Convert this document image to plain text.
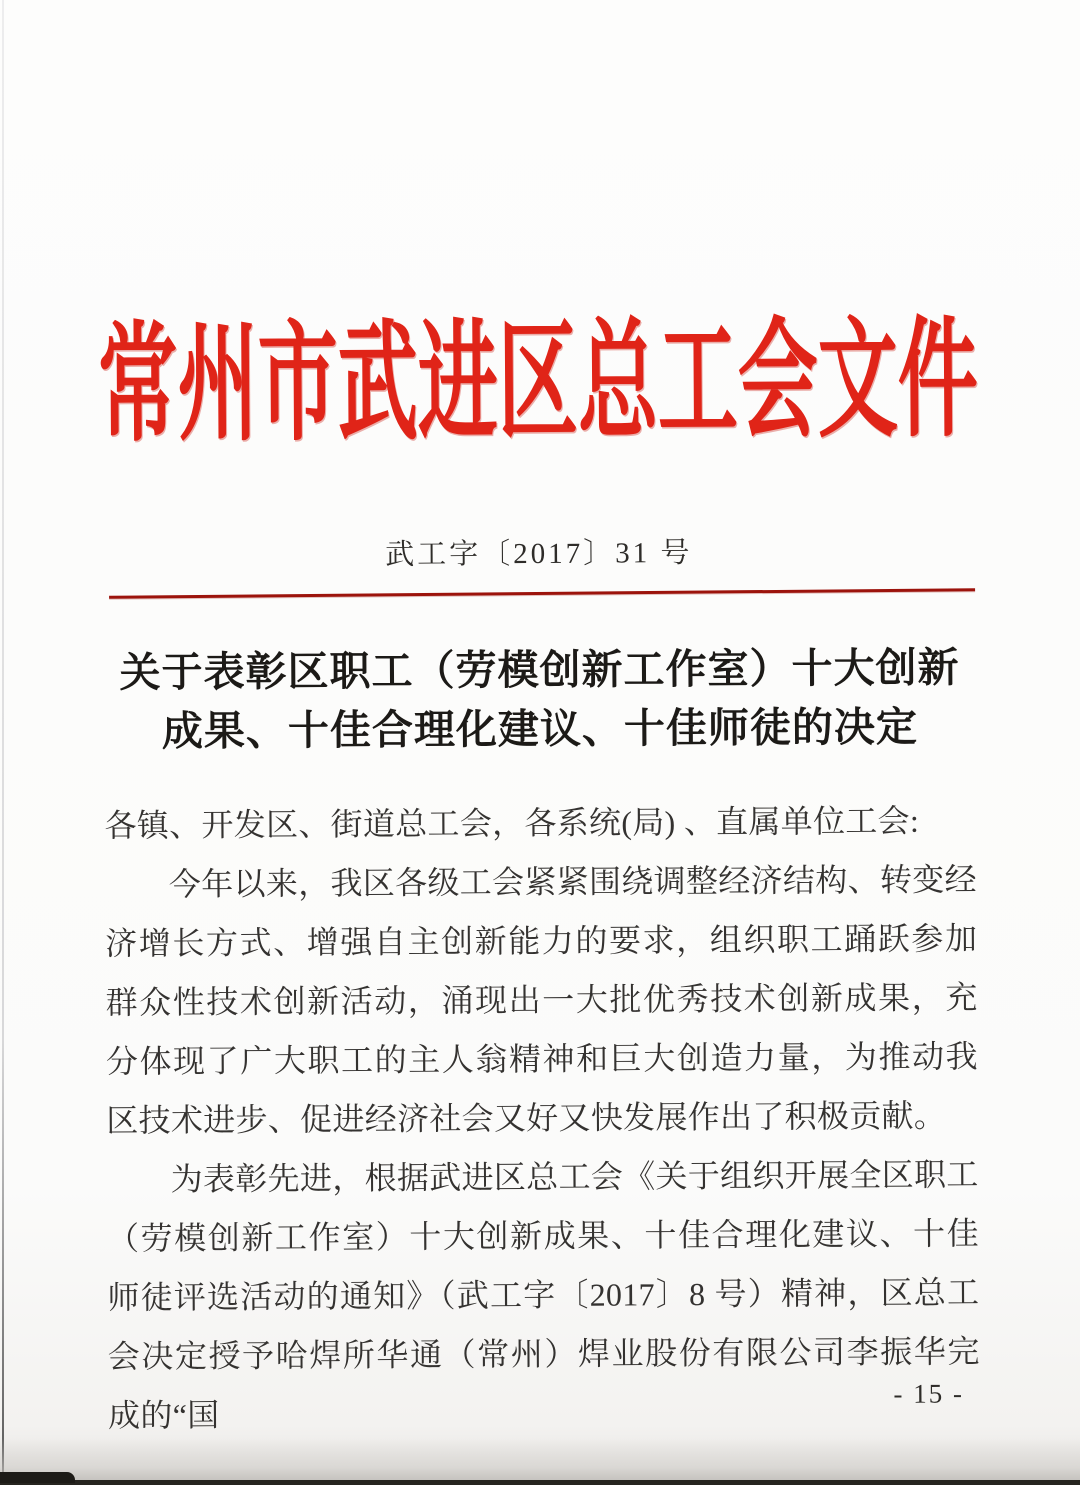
常州市武进区总工会文件
武工字〔2017〕31 号
关于表彰区职工（劳模创新工作室）十大创新
成果、十佳合理化建议、十佳师徒的决定

各镇、开发区、街道总工会，各系统(局) 、直属单位工会:

今年以来，我区各级工会紧紧围绕调整经济结构、转变经济增长方式、增强自主创新能力的要求，组织职工踊跃参加群众性技术创新活动，涌现出一大批优秀技术创新成果，充分体现了广大职工的主人翁精神和巨大创造力量，为推动我区技术进步、促进经济社会又好又快发展作出了积极贡献。

为表彰先进，根据武进区总工会《关于组织开展全区职工（劳模创新工作室）十大创新成果、十佳合理化建议、十佳师徒评选活动的通知》（武工字〔2017〕8 号）精神，区总工会决定授予哈焊所华通（常州）焊业股份有限公司李振华完成的“国

- 15 -
